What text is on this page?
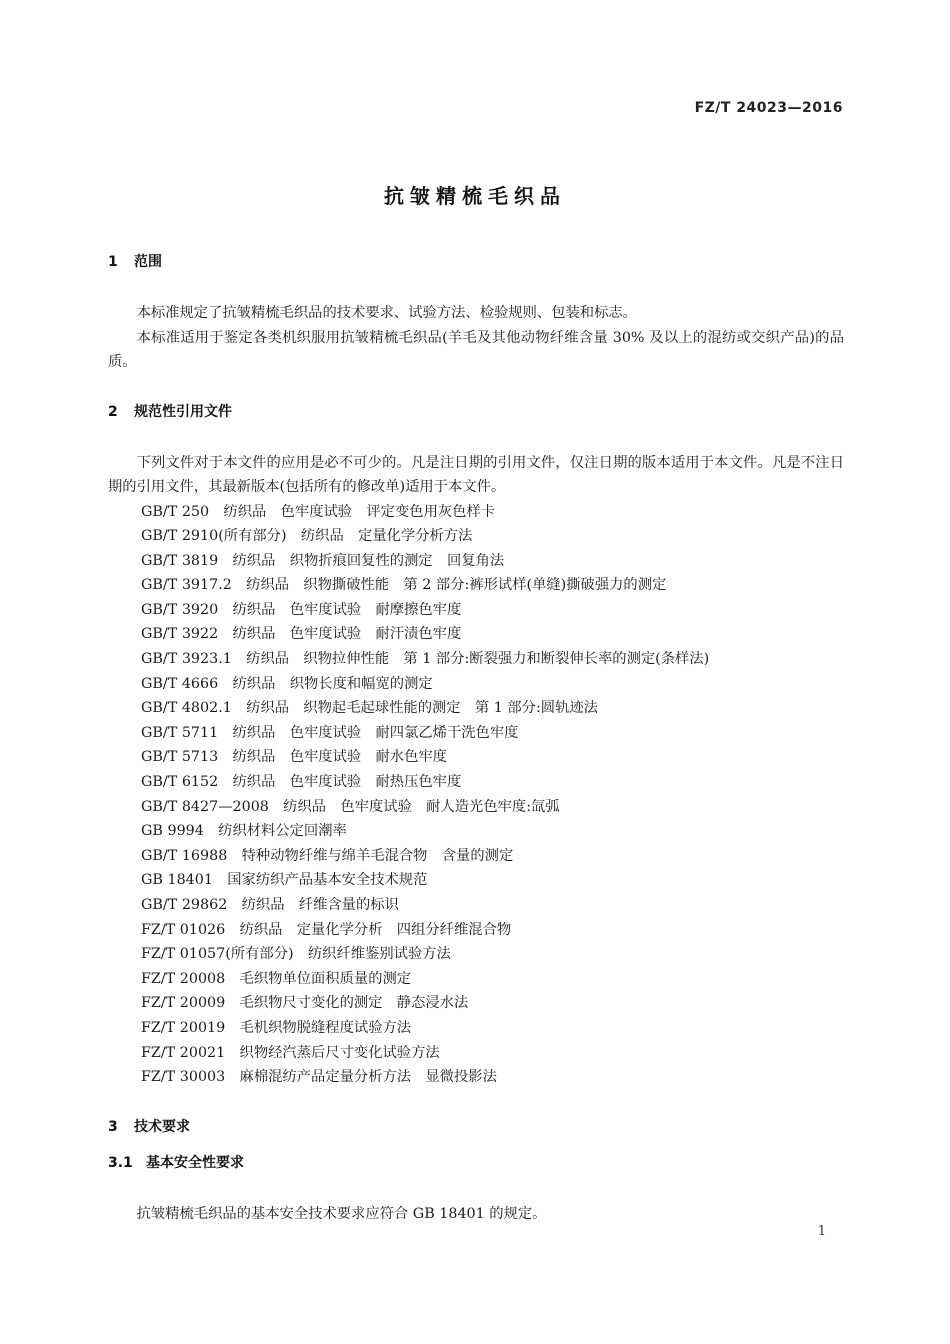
FZ/T 24023—2016
抗皱精梳毛织品
1 范围

本标准规定了抗皱精梳毛织品的技术要求、试验方法、检验规则、包装和标志。

本标准适用于鉴定各类机织服用抗皱精梳毛织品(羊毛及其他动物纤维含量 30% 及以上的混纺或交织产品)的品质。

2 规范性引用文件

下列文件对于本文件的应用是必不可少的。凡是注日期的引用文件，仅注日期的版本适用于本文件。凡是不注日期的引用文件，其最新版本(包括所有的修改单)适用于本文件。

GB/T 250　纺织品　色牢度试验　评定变色用灰色样卡
GB/T 2910(所有部分)　纺织品　定量化学分析方法
GB/T 3819　纺织品　织物折痕回复性的测定　回复角法
GB/T 3917.2　纺织品　织物撕破性能　第 2 部分:裤形试样(单缝)撕破强力的测定
GB/T 3920　纺织品　色牢度试验　耐摩擦色牢度
GB/T 3922　纺织品　色牢度试验　耐汗渍色牢度
GB/T 3923.1　纺织品　织物拉伸性能　第 1 部分:断裂强力和断裂伸长率的测定(条样法)
GB/T 4666　纺织品　织物长度和幅宽的测定
GB/T 4802.1　纺织品　织物起毛起球性能的测定　第 1 部分:圆轨迹法
GB/T 5711　纺织品　色牢度试验　耐四氯乙烯干洗色牢度
GB/T 5713　纺织品　色牢度试验　耐水色牢度
GB/T 6152　纺织品　色牢度试验　耐热压色牢度
GB/T 8427—2008　纺织品　色牢度试验　耐人造光色牢度:氙弧
GB 9994　纺织材料公定回潮率
GB/T 16988　特种动物纤维与绵羊毛混合物　含量的测定
GB 18401　国家纺织产品基本安全技术规范
GB/T 29862　纺织品　纤维含量的标识
FZ/T 01026　纺织品　定量化学分析　四组分纤维混合物
FZ/T 01057(所有部分)　纺织纤维鉴别试验方法
FZ/T 20008　毛织物单位面积质量的测定
FZ/T 20009　毛织物尺寸变化的测定　静态浸水法
FZ/T 20019　毛机织物脱缝程度试验方法
FZ/T 20021　织物经汽蒸后尺寸变化试验方法
FZ/T 30003　麻棉混纺产品定量分析方法　显微投影法
3 技术要求
3.1 基本安全性要求

抗皱精梳毛织品的基本安全技术要求应符合 GB 18401 的规定。

1
